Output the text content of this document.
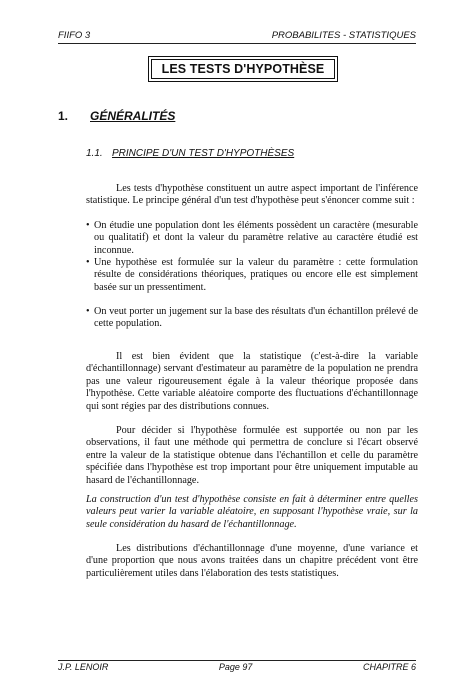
FIIFO 3	PROBABILITES - STATISTIQUES
LES TESTS D'HYPOTHÈSE
1. GÉNÉRALITÉS
1.1. PRINCIPE D'UN TEST D'HYPOTHÈSES

Les tests d'hypothèse constituent un autre aspect important de l'inférence statistique. Le principe général d'un test d'hypothèse peut s'énoncer comme suit :

• On étudie une population dont les éléments possèdent un caractère (mesurable ou qualitatif) et dont la valeur du paramètre relative au caractère étudié est inconnue.
• Une hypothèse est formulée sur la valeur du paramètre : cette formulation résulte de considérations théoriques, pratiques ou encore elle est simplement basée sur un pressentiment.
• On veut porter un jugement sur la base des résultats d'un échantillon prélevé de cette population.

Il est bien évident que la statistique (c'est-à-dire la variable d'échantillonnage) servant d'estimateur au paramètre de la population ne prendra pas une valeur rigoureusement égale à la valeur théorique proposée dans l'hypothèse. Cette variable aléatoire comporte des fluctuations d'échantillonnage qui sont régies par des distributions connues.

Pour décider si l'hypothèse formulée est supportée ou non par les observations, il faut une méthode qui permettra de conclure si l'écart observé entre la valeur de la statistique obtenue dans l'échantillon et celle du paramètre spécifiée dans l'hypothèse est trop important pour être uniquement imputable au hasard de l'échantillonnage.

La construction d'un test d'hypothèse consiste en fait à déterminer entre quelles valeurs peut varier la variable aléatoire, en supposant l'hypothèse vraie, sur la seule considération du hasard de l'échantillonnage.

Les distributions d'échantillonnage d'une moyenne, d'une variance et d'une proportion que nous avons traitées dans un chapitre précédent vont être particulièrement utiles dans l'élaboration des tests statistiques.

J.P. LENOIR	Page 97	CHAPITRE 6
